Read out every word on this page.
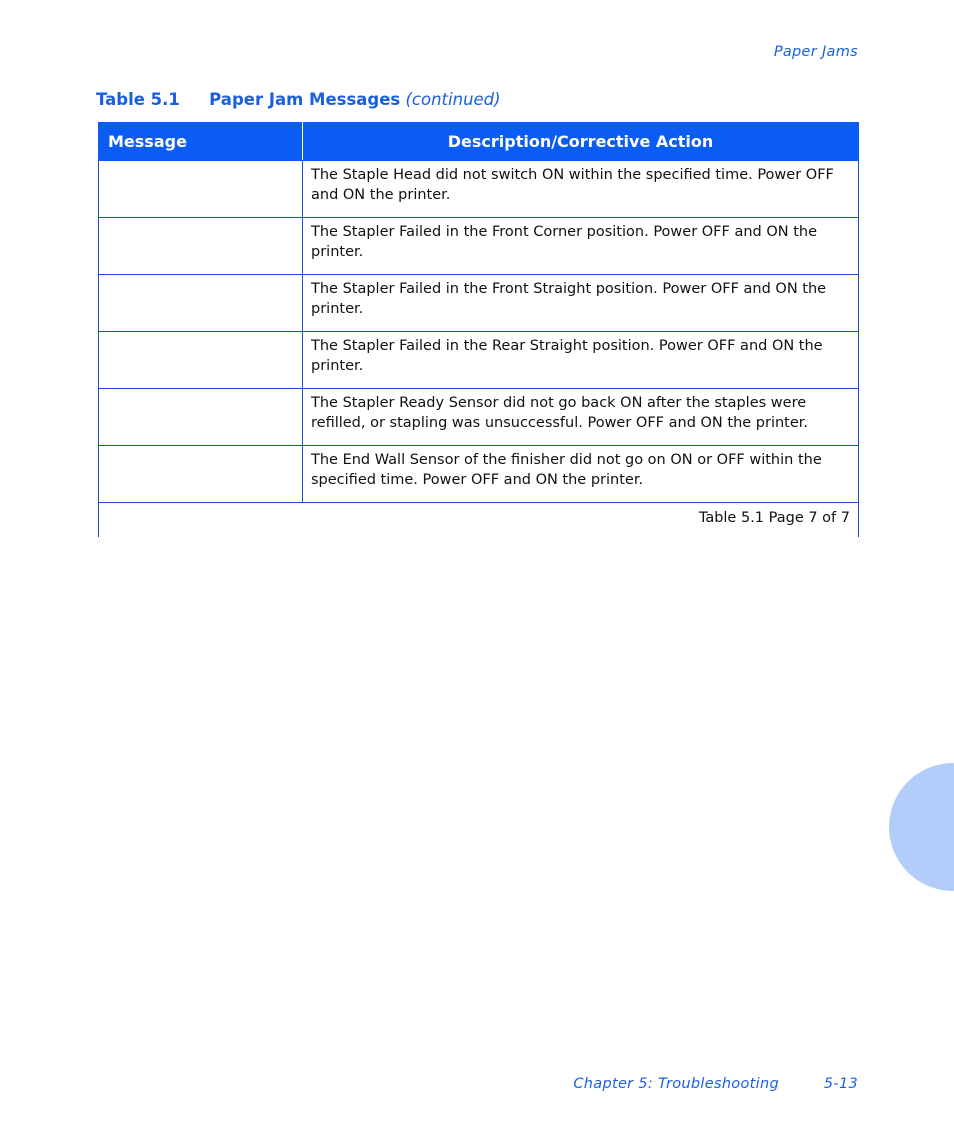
Paper Jams
Table 5.1 Paper Jam Messages (continued)
Message	Description/Corrective Action
	The Staple Head did not switch ON within the specified time. Power OFF and ON the printer.
	The Stapler Failed in the Front Corner position. Power OFF and ON the printer.
	The Stapler Failed in the Front Straight position. Power OFF and ON the printer.
	The Stapler Failed in the Rear Straight position. Power OFF and ON the printer.
	The Stapler Ready Sensor did not go back ON after the staples were refilled, or stapling was unsuccessful. Power OFF and ON the printer.
	The End Wall Sensor of the finisher did not go on ON or OFF within the specified time. Power OFF and ON the printer.
Table 5.1 Page 7 of 7	
Chapter 5: Troubleshooting	5-13
